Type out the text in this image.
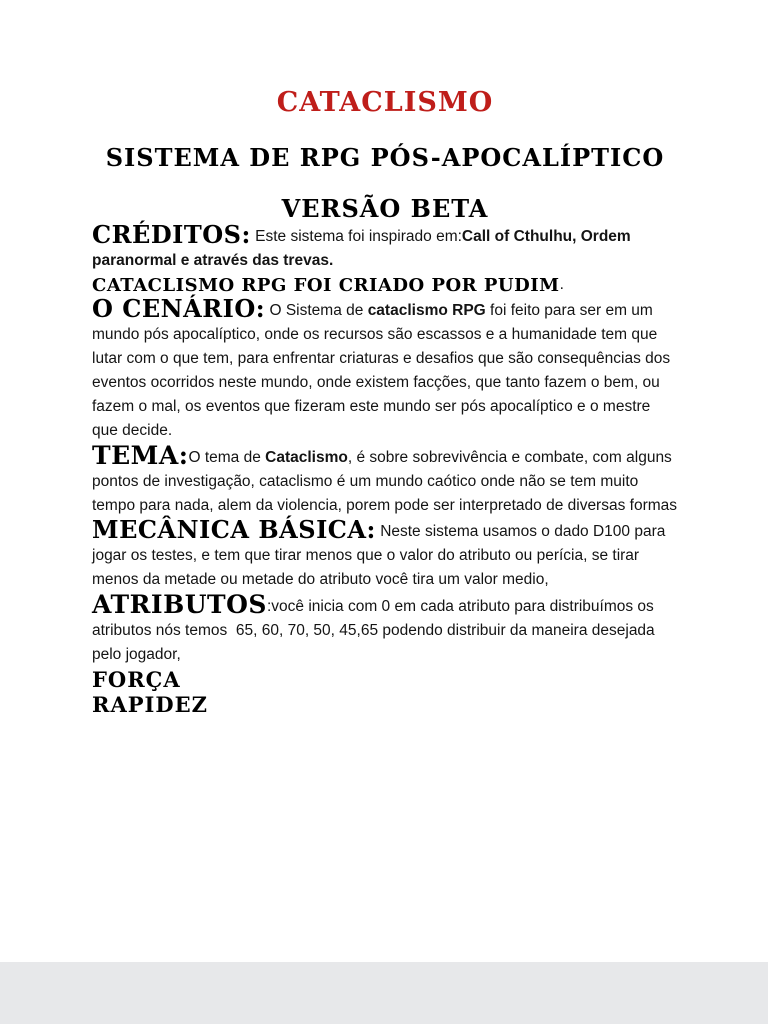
CATACLISMO
SISTEMA DE RPG PÓS-APOCALÍPTICO
VERSÃO BETA

CRÉDITOS: Este sistema foi inspirado em:Call of Cthulhu, Ordem paranormal e através das trevas.

CATACLISMO RPG FOI CRIADO POR PUDIM.

O CENÁRIO: O Sistema de cataclismo RPG foi feito para ser em um mundo pós apocalíptico, onde os recursos são escassos e a humanidade tem que lutar com o que tem, para enfrentar criaturas e desafios que são consequências dos eventos ocorridos neste mundo, onde existem facções, que tanto fazem o bem, ou fazem o mal, os eventos que fizeram este mundo ser pós apocalíptico e o mestre que decide.

TEMA:O tema de Cataclismo, é sobre sobrevivência e combate, com alguns pontos de investigação, cataclismo é um mundo caótico onde não se tem muito tempo para nada, alem da violencia, porem pode ser interpretado de diversas formas

MECÂNICA BÁSICA: Neste sistema usamos o dado D100 para jogar os testes, e tem que tirar menos que o valor do atributo ou perícia, se tirar menos da metade ou metade do atributo você tira um valor medio,

ATRIBUTOS:você inicia com 0 em cada atributo para distribuímos os atributos nós temos  65, 60, 70, 50, 45,65 podendo distribuir da maneira desejada pelo jogador,

FORÇA

RAPIDEZ
